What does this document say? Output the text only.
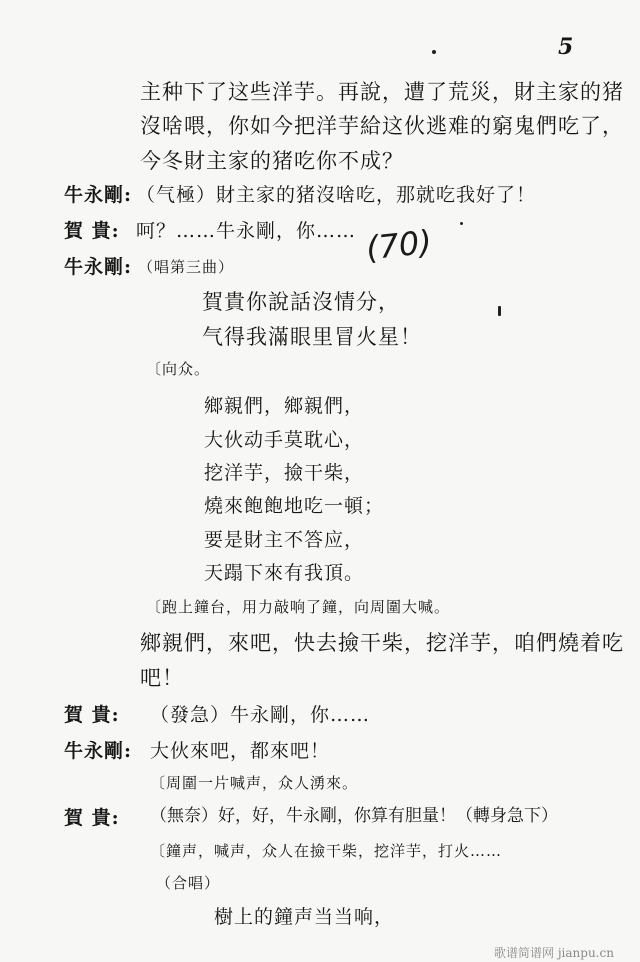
5
主种下了这些洋芋。再說，遭了荒災，財主家的猪
沒啥喂，你如今把洋芋給这伙逃难的窮鬼們吃了，
今冬財主家的猪吃你不成？
牛永剛: （气極）財主家的猪沒啥吃，那就吃我好了！
賀 貴: 呵？……牛永剛，你…… (70)
牛永剛: （唱第三曲）
賀貴你說話沒情分，
气得我滿眼里冒火星！
〔向众。
鄉親們，鄉親們，
大伙动手莫耽心，
挖洋芋，撿干柴，
燒來飽飽地吃一頓；
要是財主不答应，
天蹋下來有我頂。
〔跑上鐘台，用力敲响了鐘，向周圍大喊。
鄉親們，來吧，快去撿干柴，挖洋芋，咱們燒着吃
吧！
賀 貴: （發急）牛永剛，你……
牛永剛: 大伙來吧，都來吧！
〔周圍一片喊声，众人湧來。
賀 貴: （無奈）好，好，牛永剛，你算有胆量！（轉身急下）
〔鐘声，喊声，众人在撿干柴，挖洋芋，打火……
（合唱）
樹上的鐘声当当响，
歌谱简谱网 jianpu.cn
